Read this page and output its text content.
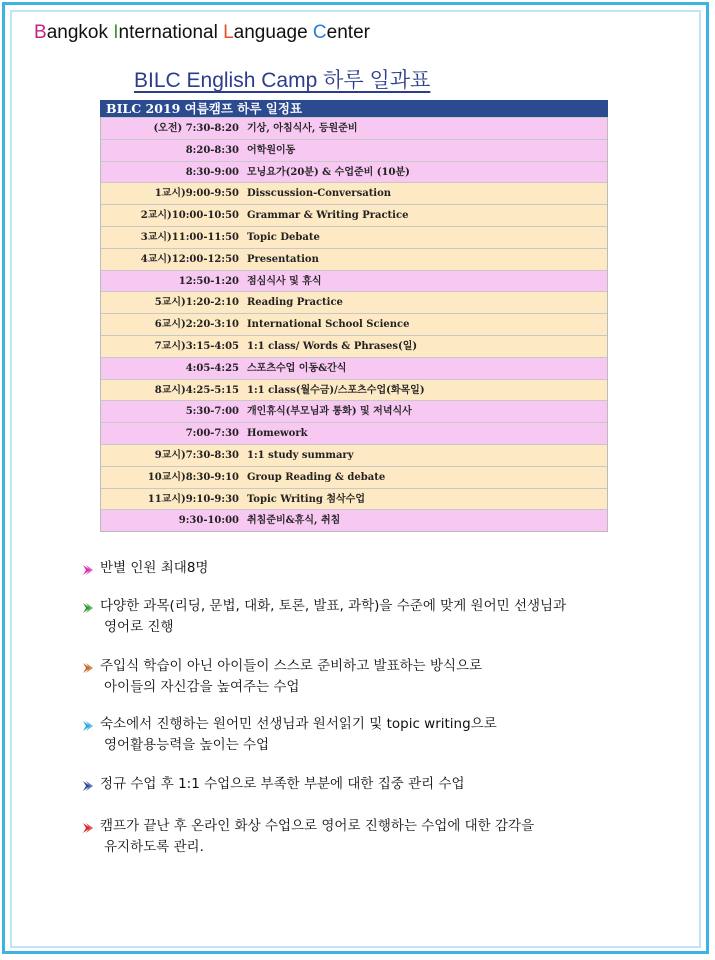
Bangkok International Language Center
BILC English Camp 하루 일과표
BILC 2019 여름캠프 하루 일정표
(오전) 7:30-8:20 기상, 아침식사, 등원준비
8:20-8:30 어학원이동
8:30-9:00 모닝요가(20분) & 수업준비 (10분)
1교시)9:00-9:50 Disscussion-Conversation
2교시)10:00-10:50 Grammar & Writing Practice
3교시)11:00-11:50 Topic Debate
4교시)12:00-12:50 Presentation
12:50-1:20 점심식사 및 휴식
5교시)1:20-2:10 Reading Practice
6교시)2:20-3:10 International School Science
7교시)3:15-4:05 1:1 class/ Words & Phrases(일)
4:05-4:25 스포츠수업 이동&간식
8교시)4:25-5:15 1:1 class(월수금)/스포츠수업(화목일)
5:30-7:00 개인휴식(부모님과 통화) 및 저녁식사
7:00-7:30 Homework
9교시)7:30-8:30 1:1 study summary
10교시)8:30-9:10 Group Reading & debate
11교시)9:10-9:30 Topic Writing 첨삭수업
9:30-10:00 취침준비&휴식, 취침
반별 인원 최대8명
다양한 과목(리딩, 문법, 대화, 토론, 발표, 과학)을 수준에 맞게 원어민 선생님과
영어로 진행
주입식 학습이 아닌 아이들이 스스로 준비하고 발표하는 방식으로
아이들의 자신감을 높여주는 수업
숙소에서 진행하는 원어민 선생님과 원서읽기 및 topic writing으로
영어활용능력을 높이는 수업
정규 수업 후 1:1 수업으로 부족한 부분에 대한 집중 관리 수업
캠프가 끝난 후 온라인 화상 수업으로 영어로 진행하는 수업에 대한 감각을
유지하도록 관리.
